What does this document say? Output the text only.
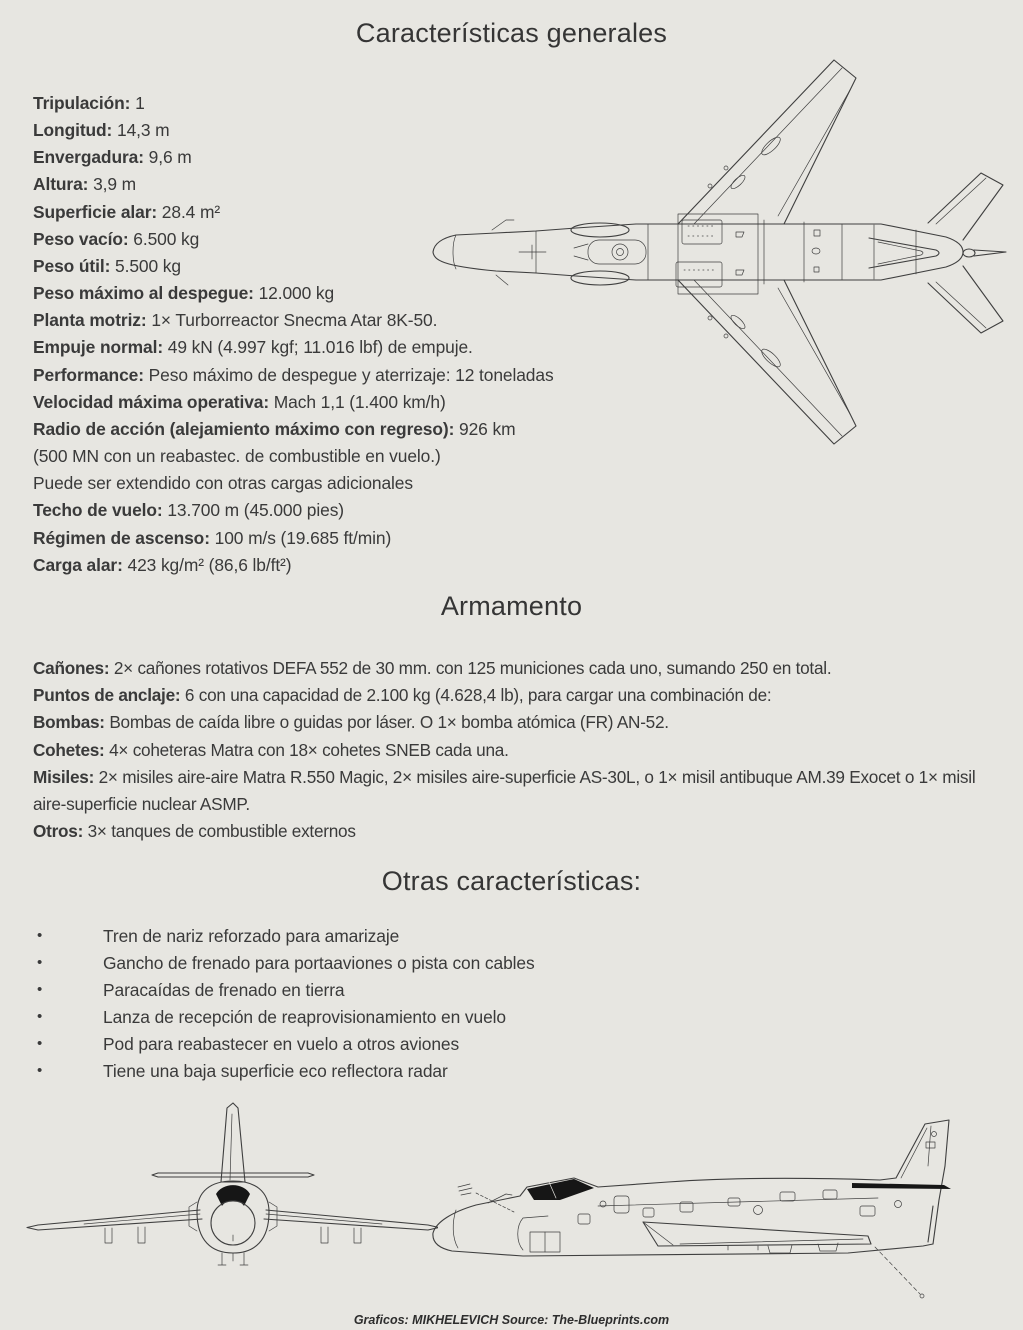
Características generales
Tripulación: 1
Longitud: 14,3 m
Envergadura: 9,6 m
Altura: 3,9 m
Superficie alar: 28.4 m²
Peso vacío: 6.500 kg
Peso útil: 5.500 kg
Peso máximo al despegue: 12.000 kg
Planta motriz: 1× Turborreactor Snecma Atar 8K-50.
Empuje normal: 49 kN (4.997 kgf; 11.016 lbf) de empuje.
Performance: Peso máximo de despegue y aterrizaje: 12 toneladas
Velocidad máxima operativa: Mach 1,1 (1.400 km/h)
Radio de acción (alejamiento máximo con regreso): 926 km
(500 MN con un reabastec. de combustible en vuelo.)
Puede ser extendido con otras cargas adicionales
Techo de vuelo: 13.700 m (45.000 pies)
Régimen de ascenso: 100 m/s (19.685 ft/min)
Carga alar: 423 kg/m² (86,6 lb/ft²)
Armamento

Cañones: 2× cañones rotativos DEFA 552 de 30 mm. con 125 municiones cada uno, sumando 250 en total.

Puntos de anclaje: 6 con una capacidad de 2.100 kg (4.628,4 lb), para cargar una combinación de:

Bombas: Bombas de caída libre o guidas por láser. O 1× bomba atómica (FR) AN-52.

Cohetes: 4× coheteras Matra con 18× cohetes SNEB cada una.

Misiles: 2× misiles aire-aire Matra R.550 Magic, 2× misiles aire-superficie AS-30L, o 1× misil antibuque AM.39 Exocet o 1× misil aire-superficie nuclear ASMP.

Otros: 3× tanques de combustible externos

Otras características:
•	Tren de nariz reforzado para amarizaje
•	Gancho de frenado para portaaviones o pista con cables
•	Paracaídas de frenado en tierra
•	Lanza de recepción de reaprovisionamiento en vuelo
•	Pod para reabastecer en vuelo a otros aviones
•	Tiene una baja superficie eco reflectora radar
Graficos: MIKHELEVICH Source: The-Blueprints.com
